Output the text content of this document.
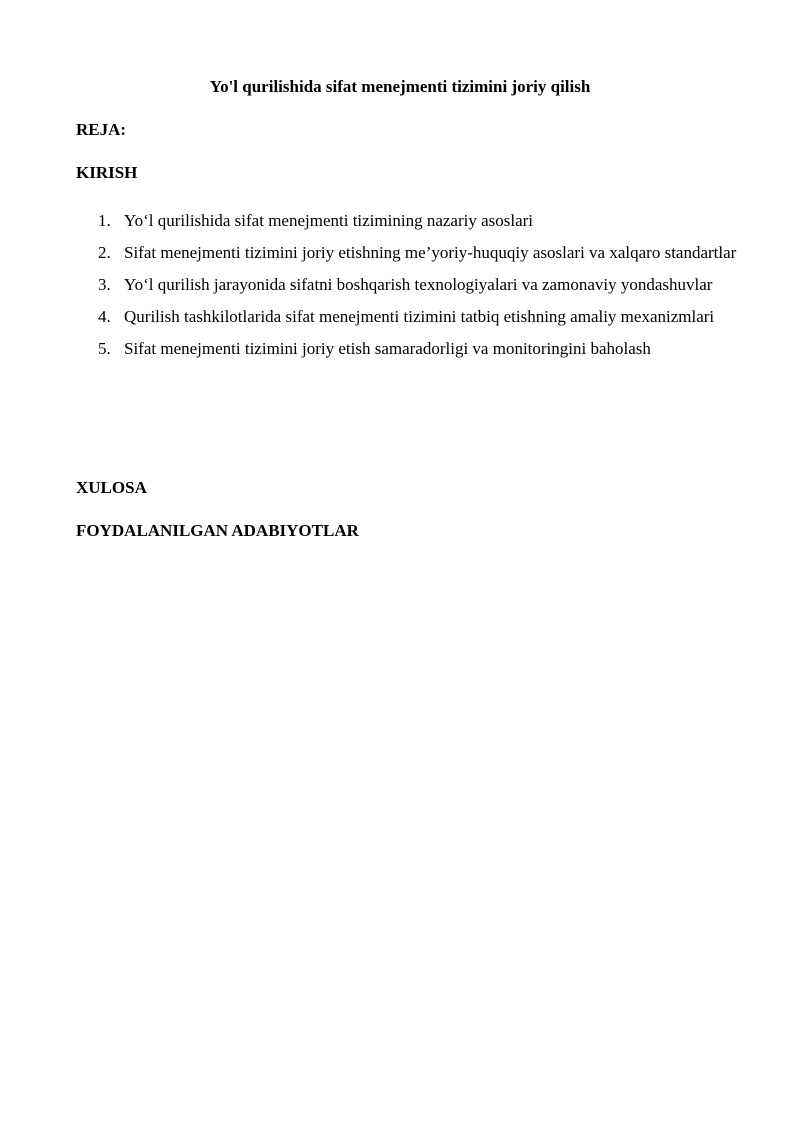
Yo'l qurilishida sifat menejmenti tizimini joriy qilish

REJA:

KIRISH

1. Yo‘l qurilishida sifat menejmenti tizimining nazariy asoslari
2. Sifat menejmenti tizimini joriy etishning me’yoriy-huquqiy asoslari va xalqaro standartlar
3. Yo‘l qurilish jarayonida sifatni boshqarish texnologiyalari va zamonaviy yondashuvlar
4. Qurilish tashkilotlarida sifat menejmenti tizimini tatbiq etishning amaliy mexanizmlari
5. Sifat menejmenti tizimini joriy etish samaradorligi va monitoringini baholash

XULOSA

FOYDALANILGAN ADABIYOTLAR
